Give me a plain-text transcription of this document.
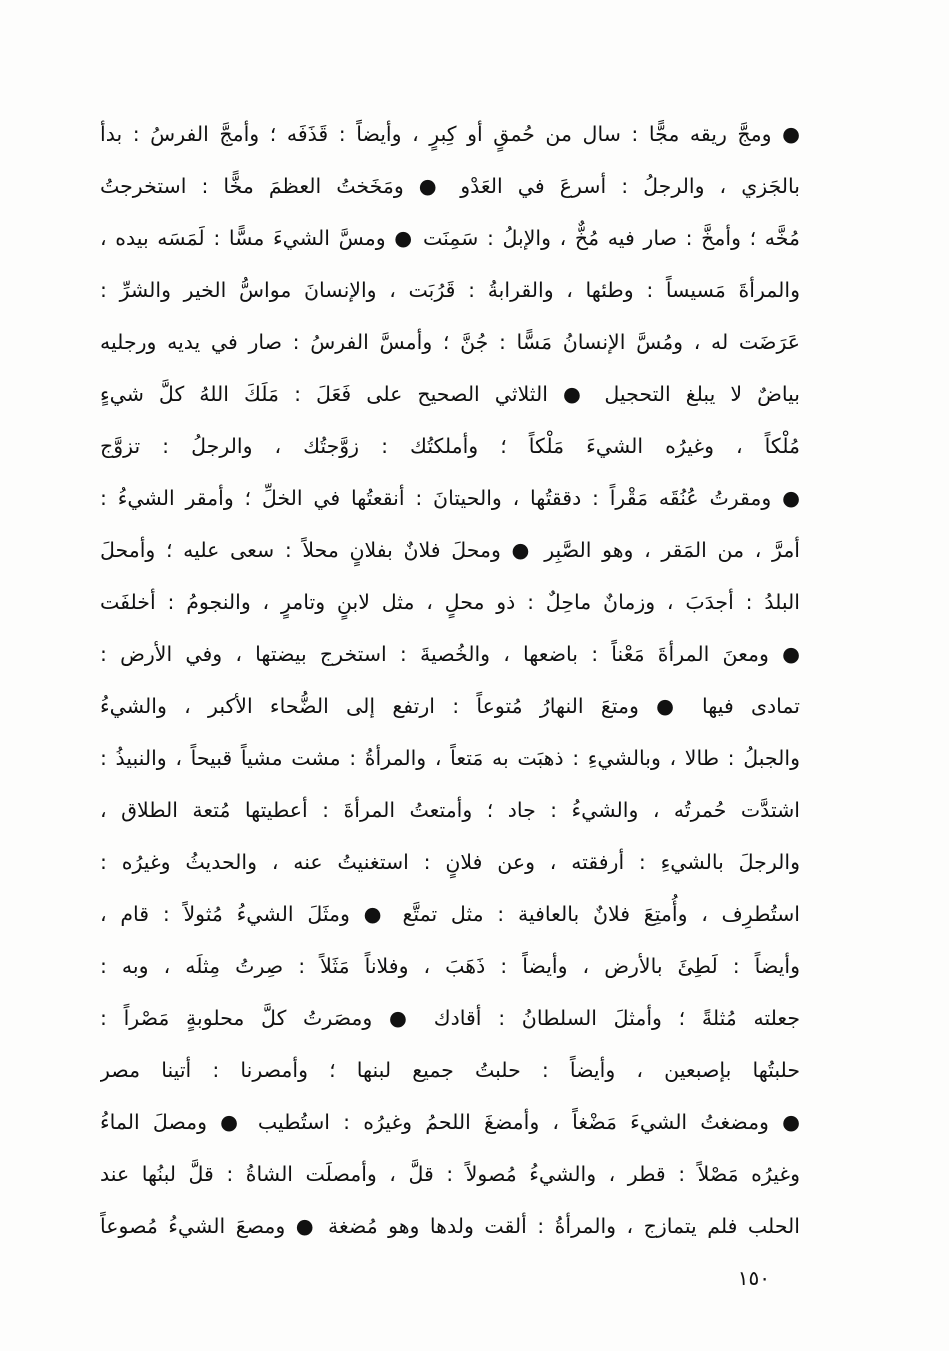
● ومجَّ ريقه مجًّا : سال من حُمقٍ أو كِبرٍ ، وأيضاً : قَذَفَه ؛ وأمجَّ الفرسُ : بدأ
بالجَزي ، والرجلُ : أسرعَ في العَدْو ● ومَخَختُ العظمَ مخًّا : استخرجتُ
مُخَّه ؛ وأمخَّ : صار فيه مُخٌّ ، والإبلُ : سَمِنَت ● ومسَّ الشيءَ مسًّا : لَمَسَه بيده ،
والمرأةَ مَسيساً : وطئها ، والقرابةُ : قَرُبَت ، والإنسانَ مواسُّ الخير والشرِّ :
عَرَضَت له ، ومُسَّ الإنسانُ مَسًّا : جُنَّ ؛ وأمسَّ الفرسُ : صار في يديه ورجليه
بياضٌ لا يبلغ التحجيل ● الثلاثي الصحيح على فَعَلَ : مَلَكَ اللهُ كلَّ شيءٍ
مُلْكاً ، وغيرُه الشيءَ مَلْكاً ؛ وأملكتُك : زوَّجتُك ، والرجلُ : تزوَّج
● ومقرتُ عُنُقَه مَقْراً : دققتُها ، والحيتانَ : أنقعتُها في الخلِّ ؛ وأمقر الشيءُ :
أمرَّ ، من المَقر ، وهو الصَّبِر ● ومحلَ فلانٌ بفلانٍ محلاً : سعى عليه ؛ وأمحلَ
البلدُ : أجدَبَ ، وزمانٌ ماحِلٌ : ذو محلٍ ، مثل لابنٍ وتامرٍ ، والنجومُ : أخلفَت
● ومعنَ المرأةَ مَعْناً : باضعها ، والخُصيةَ : استخرج بيضتها ، وفي الأرض :
تمادى فيها ● ومتعَ النهارُ مُتوعاً : ارتفع إلى الضُّحاء الأكبر ، والشيءُ
والجبلُ : طالا ، وبالشيءِ : ذهبَت به مَتعاً ، والمرأةُ : مشت مشياً قبيحاً ، والنبيذُ :
اشتدَّت حُمرتُه ، والشيءُ : جاد ؛ وأمتعتُ المرأةَ : أعطيتها مُتعة الطلاق ،
والرجلَ بالشيءِ : أرفقته ، وعن فلانٍ : استغنيتُ عنه ، والحديثُ وغيرُه :
استُطرِف ، وأُمتِعَ فلانٌ بالعافية : مثل تمتَّع ● ومثَلَ الشيءُ مُثولاً : قام ،
وأيضاً : لَطِئَ بالأرض ، وأيضاً : ذَهَبَ ، وفلاناً مَثَلاً : صِرتُ مِثلَه ، وبه :
جعلته مُثلةً ؛ وأمثلَ السلطانُ : أقادك ● ومصَرتُ كلَّ محلوبةٍ مَصْراً :
حلبتُها بإصبعين ، وأيضاً : حلبتُ جميع لبنها ؛ وأمصرنا : أتينا مصر
● ومضغتُ الشيءَ مَضْغاً ، وأمضغَ اللحمُ وغيرُه : استُطيب ● ومصلَ الماءُ
وغيرُه مَصْلاً : قطر ، والشيءُ مُصولاً : قلَّ ، وأمصلَت الشاةُ : قلَّ لبنُها عند
الحلب فلم يتمازج ، والمرأةُ : ألقت ولدها وهو مُضغة ● ومصعَ الشيءُ مُصوعاً
١٥٠
